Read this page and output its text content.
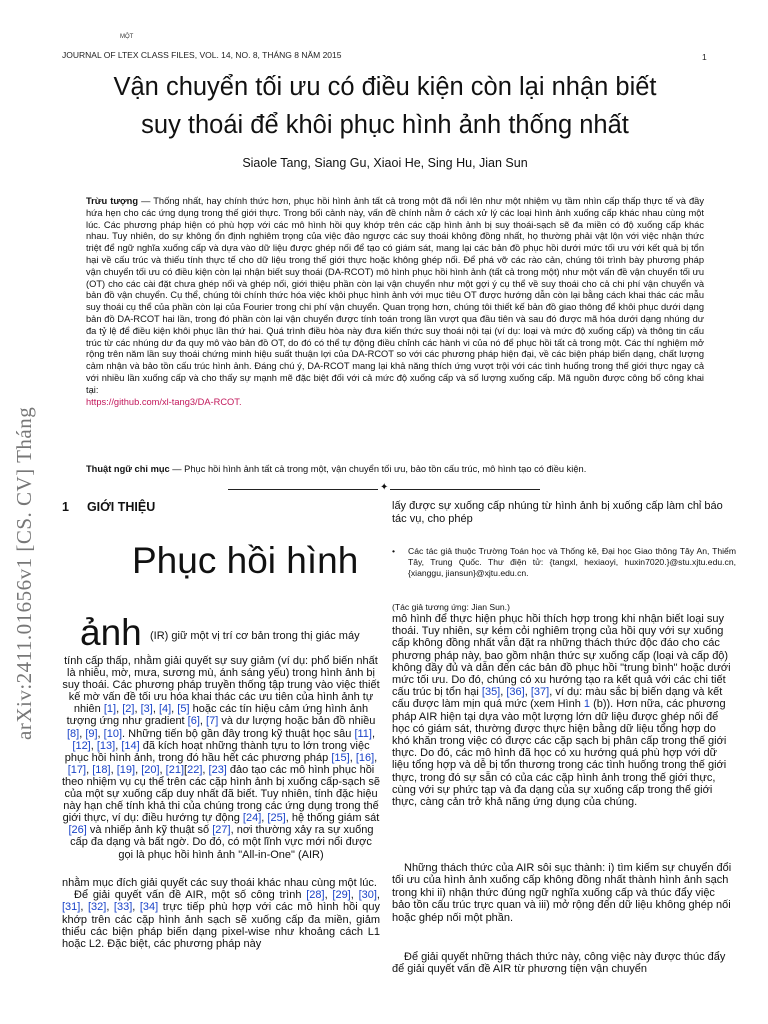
MỘT
JOURNAL OF LTEX CLASS FILES, VOL. 14, NO. 8, THÁNG 8 NĂM 2015	1
Vận chuyển tối ưu có điều kiện còn lại nhận biết
suy thoái để khôi phục hình ảnh thống nhất
Siaole Tang, Siang Gu, Xiaoi He, Sing Hu, Jian Sun
arXiv:2411.01656v1 [CS. CV] Tháng
Trừu tượng — Thống nhất, hay chính thức hơn, phục hồi hình ảnh tất cả trong một đã nổi lên như một nhiệm vụ tầm nhìn cấp thấp thực tế và đầy hứa hẹn cho các ứng dụng trong thế giới thực. Trong bối cảnh này, vấn đề chính nằm ở cách xử lý các loại hình ảnh xuống cấp khác nhau cùng một lúc. Các phương pháp hiện có phù hợp với các mô hình hồi quy khớp trên các cặp hình ảnh bị suy thoái-sạch sẽ đa miền có độ xuống cấp khác nhau. Tuy nhiên, do sự không ổn định nghiêm trọng của việc đảo ngược các suy thoái không đồng nhất, họ thường phải vật lộn với việc nhận thức triệt để ngữ nghĩa xuống cấp và dựa vào dữ liệu được ghép nối để tạo có giám sát, mang lại các bản đồ phục hồi dưới mức tối ưu với kết quả bị tổn hại về cấu trúc và thiếu tính thực tế cho dữ liệu trong thế giới thực hoặc không ghép nối. Để phá vỡ các rào cản, chúng tôi trình bày phương pháp vận chuyển tối ưu có điều kiện còn lại nhận biết suy thoái (DA-RCOT) mô hình phục hồi hình ảnh (tất cả trong một) như một vấn đề vận chuyển tối ưu (OT) cho các cài đặt chưa ghép nối và ghép nối, giới thiệu phần còn lại vận chuyển như một gợi ý cụ thể về suy thoái cho cả chi phí vận chuyển và bản đồ vận chuyển. Cụ thể, chúng tôi chính thức hóa việc khôi phục hình ảnh với mục tiêu OT được hướng dẫn còn lại bằng cách khai thác các mẫu suy thoái cụ thể của phần còn lại của Fourier trong chi phí vận chuyển. Quan trọng hơn, chúng tôi thiết kế bản đồ giao thông để khôi phục dưới dạng bản đồ DA-RCOT hai lần, trong đó phần còn lại vận chuyển được tính toán trong lần vượt qua đầu tiên và sau đó được mã hóa dưới dạng nhúng dư đa tỷ lệ để điều kiện khôi phục lần thứ hai. Quá trình điều hòa này đưa kiến thức suy thoái nội tại (ví dụ: loại và mức độ xuống cấp) và thông tin cấu trúc từ các nhúng dư đa quy mô vào bản đồ OT, do đó có thể tự động điều chỉnh các hành vi của nó để phục hồi tất cả trong một. Các thí nghiệm mở rộng trên năm lần suy thoái chứng minh hiệu suất thuận lợi của DA-RCOT so với các phương pháp hiện đại, về các biện pháp biến dạng, chất lượng cảm nhận và bảo tồn cấu trúc hình ảnh. Đáng chú ý, DA-RCOT mang lại khả năng thích ứng vượt trội với các tình huống trong thế giới thực ngay cả với nhiều lần xuống cấp và cho thấy sự mạnh mẽ đặc biệt đối với cả mức độ xuống cấp và số lượng xuống cấp. Mã nguồn được công bố công khai tại:
https://github.com/xl-tang3/DA-RCOT.
Thuật ngữ chỉ mục — Phục hồi hình ảnh tất cả trong một, vận chuyển tối ưu, bảo tồn cấu trúc, mô hình tạo có điều kiện.
✦
1 GIỚI THIỆU
Phục hồi hình
ảnh (IR) giữ một vị trí cơ bản trong thị giác máy
tính cấp thấp, nhằm giải quyết sự suy giảm (ví dụ: phổ biến nhất là nhiễu, mờ, mưa, sương mù, ánh sáng yếu) trong hình ảnh bị suy thoái. Các phương pháp truyền thống tập trung vào việc thiết kế mờ vấn đề tối ưu hóa khai thác các ưu tiên của hình ảnh tự nhiên [1], [2], [3], [4], [5] hoặc các tín hiệu cảm ứng hình ảnh tượng ứng như gradient [6], [7] và dư lượng hoặc bản đồ nhiều [8], [9], [10]. Những tiến bộ gần đây trong kỹ thuật học sâu [11], [12], [13], [14] đã kích hoạt những thành tựu to lớn trong việc phục hồi hình ảnh, trong đó hầu hết các phương pháp [15], [16], [17], [18], [19], [20], [21][22], [23] đảo tạo các mô hình phục hồi theo nhiệm vụ cụ thể trên các cặp hình ảnh bị xuống cấp-sạch sẽ của một sự xuống cấp duy nhất đã biết. Tuy nhiên, tính đặc hiệu này hạn chế tính khả thi của chúng trong các ứng dụng trong thế giới thực, ví dụ: điều hướng tự động [24], [25], hệ thống giám sát [26] và nhiếp ảnh kỹ thuật số [27], nơi thường xảy ra sự xuống cấp đa dạng và bất ngờ. Do đó, có một lĩnh vực mới nổi được gọi là phục hồi hình ảnh "All-in-One" (AIR)

nhằm mục đích giải quyết các suy thoái khác nhau cùng một lúc.

Để giải quyết vấn đề AIR, một số công trình [28], [29], [30], [31], [32], [33], [34] trực tiếp phù hợp với các mô hình hồi quy khớp trên các cặp hình ảnh sạch sẽ xuống cấp đa miền, giảm thiểu các biện pháp biến dạng pixel-wise như khoảng cách L1 hoặc L2. Đặc biệt, các phương pháp này

lấy được sự xuống cấp nhúng từ hình ảnh bị xuống cấp làm chỉ báo tác vụ, cho phép
• Các tác giả thuộc Trường Toán học và Thống kê, Đại học Giao thông Tây An, Thiểm Tây, Trung Quốc. Thư điện tử: {tangxl, hexiaoyi, huxin7020.}@stu.xjtu.edu.cn, {xianggu, jiansun}@xjtu.edu.cn.
(Tác giả tương ứng: Jian Sun.)

mô hình để thực hiện phục hồi thích hợp trong khi nhận biết loại suy thoái. Tuy nhiên, sự kém cỏi nghiêm trọng của hồi quy với sự xuống cấp không đồng nhất vẫn đặt ra những thách thức độc đáo cho các phương pháp này, bao gồm nhận thức sự xuống cấp (loại và cấp độ) không đầy đủ và dẫn đến các bản đồ phục hồi "trung bình" hoặc dưới mức tối ưu. Do đó, chúng có xu hướng tạo ra kết quả với các chi tiết cấu trúc bị tổn hại [35], [36], [37], ví dụ: màu sắc bị biến dạng và kết cấu được làm mịn quá mức (xem Hình 1 (b)). Hơn nữa, các phương pháp AIR hiện tại dựa vào một lượng lớn dữ liệu được ghép nối để học có giám sát, thường được thực hiện bằng dữ liệu tổng hợp do khó khăn trong việc có được các cặp sạch bị phân cấp trong thế giới thực. Do đó, các mô hình đã học có xu hướng quá phù hợp với dữ liệu tổng hợp và dễ bị tổn thương trong các tình huống trong thế giới thực, trong đó sự sẵn có của các cặp hình ảnh trong thế giới thực, cùng với sự phức tạp và đa dạng của sự xuống cấp trong thế giới thực, càng cản trở khả năng ứng dụng của chúng.

Những thách thức của AIR sôi sục thành: i) tìm kiếm sự chuyển đổi tối ưu của hình ảnh xuống cấp không đồng nhất thành hình ảnh sạch trong khi ii) nhận thức đúng ngữ nghĩa xuống cấp và thúc đẩy việc bảo tồn cấu trúc trực quan và iii) mở rộng đến dữ liệu không ghép nối hoặc ghép nối một phần.

Để giải quyết những thách thức này, công việc này được thúc đẩy để giải quyết vấn đề AIR từ phương tiện vận chuyển
